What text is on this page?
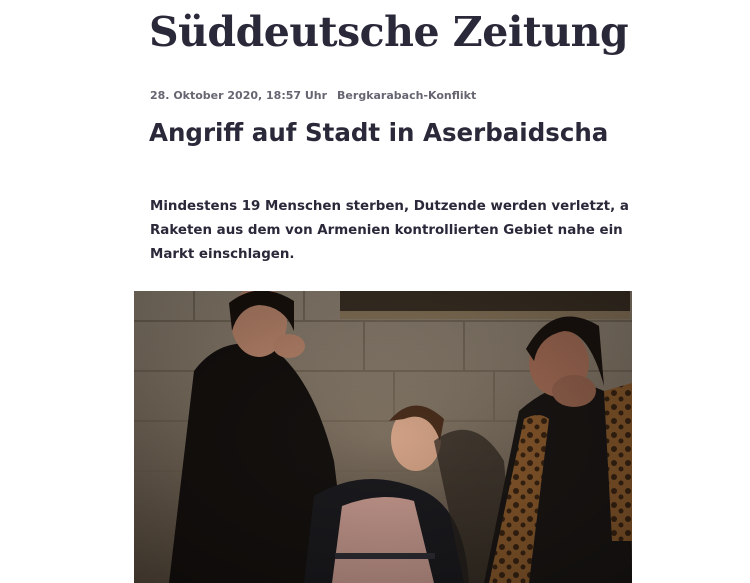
Süddeutsche Zeitung
28. Oktober 2020, 18:57 Uhr Bergkarabach-Konflikt
Angriff auf Stadt in Aserbaidscha
Mindestens 19 Menschen sterben, Dutzende werden verletzt, a
Raketen aus dem von Armenien kontrollierten Gebiet nahe ein
Markt einschlagen.
